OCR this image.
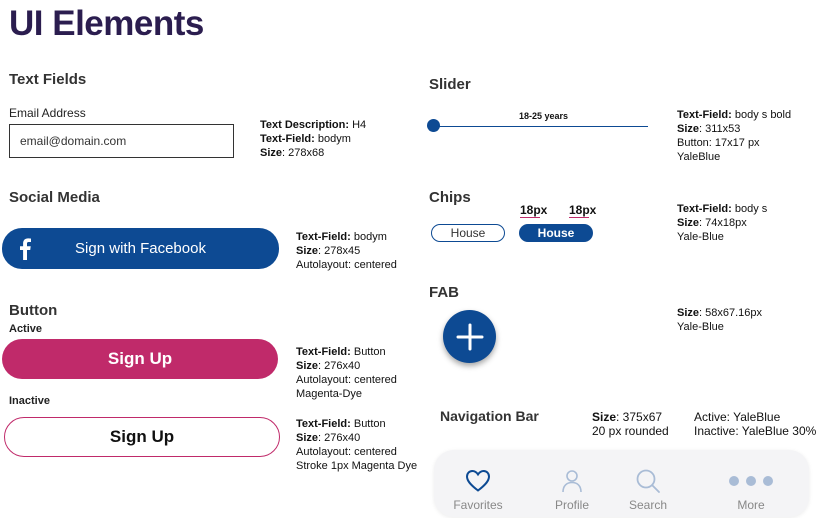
UI Elements
Text Fields
Email Address
email@domain.com
Text Description: H4
Text-Field: bodym
Size: 278x68
Social Media
Sign with Facebook
Text-Field: bodym
Size: 278x45
Autolayout: centered
Button
Active
Sign Up	Text-Field: Button
Size: 276x40
Autolayout: centered
Magenta-Dye
Inactive
Sign Up
Text-Field: Button
Size: 276x40
Autolayout: centered
Stroke 1px Magenta Dye
Slider
18-25 years	Text-Field: body s bold
Size: 311x53
Button: 17x17 px
YaleBlue
Chips
18px 18px
House	House
Text-Field: body s
Size: 74x18px
Yale-Blue
FAB
Size: 58x67.16px
Yale-Blue
Navigation Bar	Size: 375x67
20 px rounded
Active: YaleBlue
Inactive: YaleBlue 30%
Favorites	Profile	Search	More
